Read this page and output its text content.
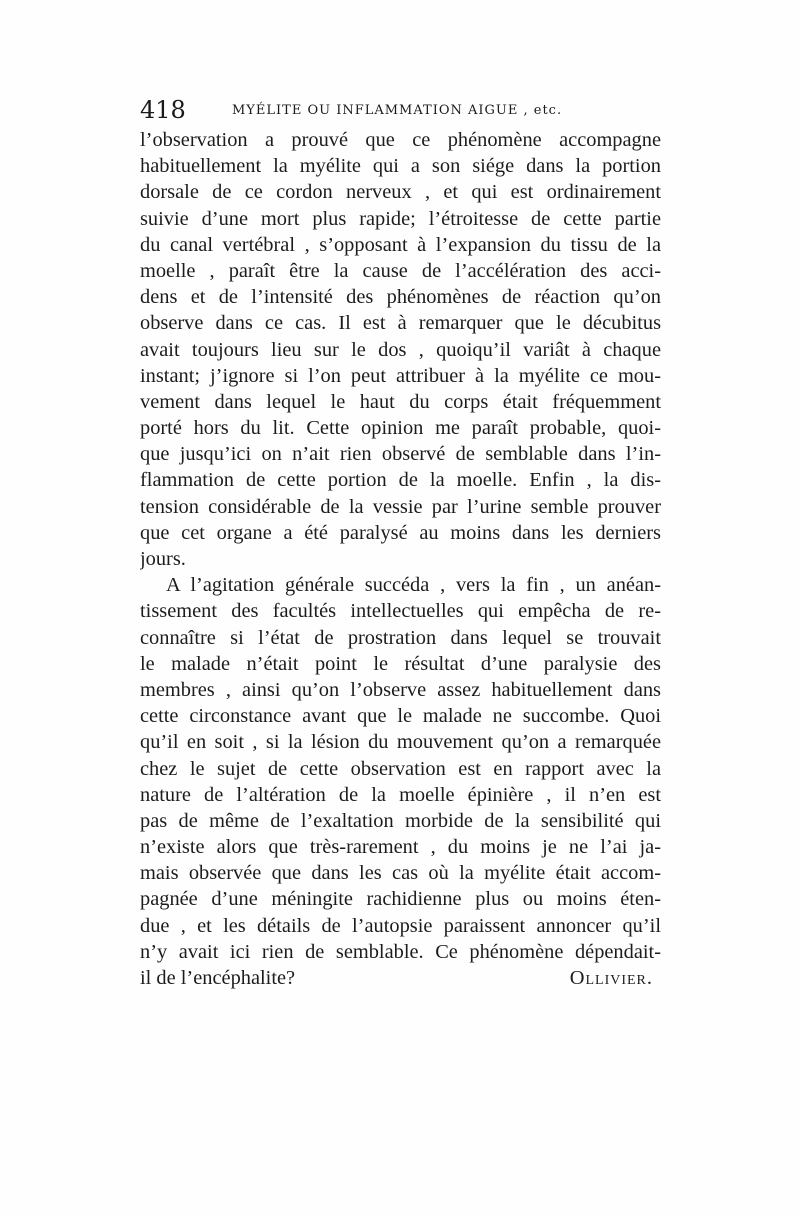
418	MYÉLITE OU INFLAMMATION AIGUE , etc.
l’observation a prouvé que ce phénomène accompagne
habituellement la myélite qui a son siége dans la portion
dorsale de ce cordon nerveux , et qui est ordinairement
suivie d’une mort plus rapide; l’étroitesse de cette partie
du canal vertébral , s’opposant à l’expansion du tissu de la
moelle , paraît être la cause de l’accélération des acci-
dens et de l’intensité des phénomènes de réaction qu’on
observe dans ce cas. Il est à remarquer que le décubitus
avait toujours lieu sur le dos , quoiqu’il variât à chaque
instant; j’ignore si l’on peut attribuer à la myélite ce mou-
vement dans lequel le haut du corps était fréquemment
porté hors du lit. Cette opinion me paraît probable, quoi-
que jusqu’ici on n’ait rien observé de semblable dans l’in-
flammation de cette portion de la moelle. Enfin , la dis-
tension considérable de la vessie par l’urine semble prouver
que cet organe a été paralysé au moins dans les derniers
jours.
A l’agitation générale succéda , vers la fin , un anéan-
tissement des facultés intellectuelles qui empêcha de re-
connaître si l’état de prostration dans lequel se trouvait
le malade n’était point le résultat d’une paralysie des
membres , ainsi qu’on l’observe assez habituellement dans
cette circonstance avant que le malade ne succombe. Quoi
qu’il en soit , si la lésion du mouvement qu’on a remarquée
chez le sujet de cette observation est en rapport avec la
nature de l’altération de la moelle épinière , il n’en est
pas de même de l’exaltation morbide de la sensibilité qui
n’existe alors que très-rarement , du moins je ne l’ai ja-
mais observée que dans les cas où la myélite était accom-
pagnée d’une méningite rachidienne plus ou moins éten-
due , et les détails de l’autopsie paraissent annoncer qu’il
n’y avait ici rien de semblable. Ce phénomène dépendait-
il de l’encéphalite?	Ollivier.
